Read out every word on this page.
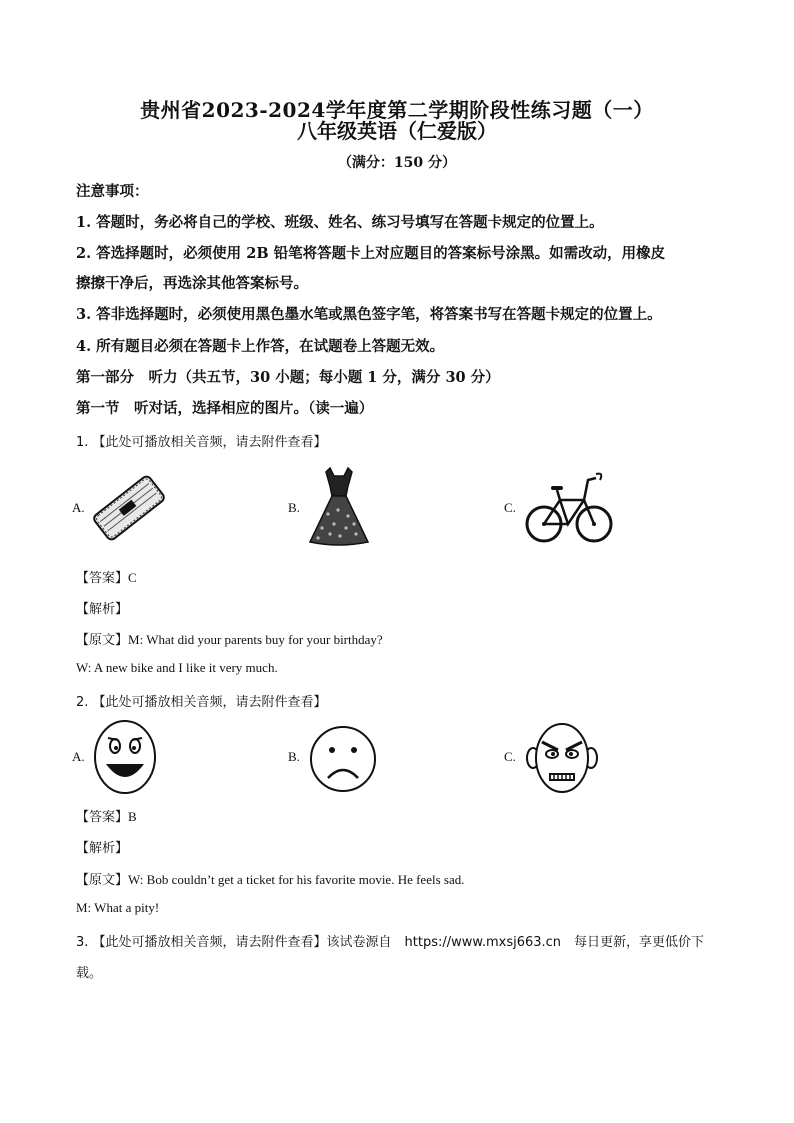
贵州省2023-2024学年度第二学期阶段性练习题（一）
八年级英语（仁爱版）
（满分：150 分）
注意事项：
1. 答题时，务必将自己的学校、班级、姓名、练习号填写在答题卡规定的位置上。
2. 答选择题时，必须使用 2B 铅笔将答题卡上对应题目的答案标号涂黑。如需改动，用橡皮
擦擦干净后，再选涂其他答案标号。
3. 答非选择题时，必须使用黑色墨水笔或黑色签字笔，将答案书写在答题卡规定的位置上。
4. 所有题目必须在答题卡上作答，在试题卷上答题无效。
第一部分　听力（共五节，30 小题；每小题 1 分，满分 30 分）
第一节　听对话，选择相应的图片。（读一遍）
1. 【此处可播放相关音频，请去附件查看】
A.	B.	C.
【答案】C
【解析】
【原文】M: What did your parents buy for your birthday?
W: A new bike and I like it very much.
2. 【此处可播放相关音频，请去附件查看】
A.	B.	C.
【答案】B
【解析】
【原文】W: Bob couldn’t get a ticket for his favorite movie. He feels sad.
M: What a pity!
3. 【此处可播放相关音频，请去附件查看】该试卷源自　https://www.mxsj663.cn　每日更新，享更低价下
载。
